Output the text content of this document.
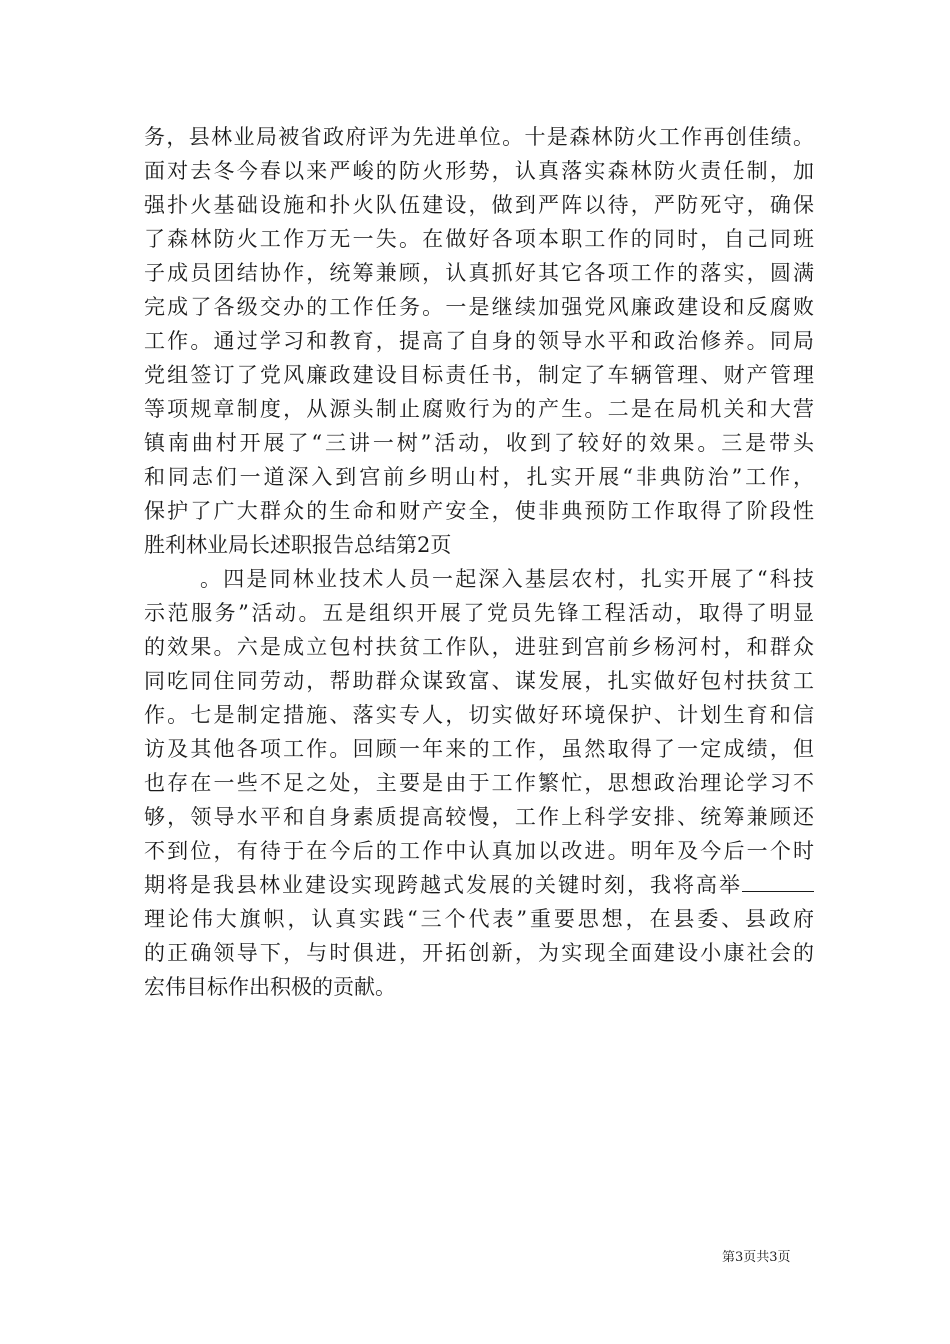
务，县林业局被省政府评为先进单位。十是森林防火工作再创佳绩。

面对去冬今春以来严峻的防火形势，认真落实森林防火责任制，加

强扑火基础设施和扑火队伍建设，做到严阵以待，严防死守，确保

了森林防火工作万无一失。在做好各项本职工作的同时，自己同班

子成员团结协作，统筹兼顾，认真抓好其它各项工作的落实，圆满

完成了各级交办的工作任务。一是继续加强党风廉政建设和反腐败

工作。通过学习和教育，提高了自身的领导水平和政治修养。同局

党组签订了党风廉政建设目标责任书，制定了车辆管理、财产管理

等项规章制度，从源头制止腐败行为的产生。二是在局机关和大营

镇南曲村开展了“三讲一树”活动，收到了较好的效果。三是带头

和同志们一道深入到宫前乡明山村，扎实开展“非典防治”工作，

保护了广大群众的生命和财产安全，使非典预防工作取得了阶段性

胜利林业局长述职报告总结第2页

。四是同林业技术人员一起深入基层农村，扎实开展了“科技

示范服务”活动。五是组织开展了党员先锋工程活动，取得了明显

的效果。六是成立包村扶贫工作队，进驻到宫前乡杨河村，和群众

同吃同住同劳动，帮助群众谋致富、谋发展，扎实做好包村扶贫工

作。七是制定措施、落实专人，切实做好环境保护、计划生育和信

访及其他各项工作。回顾一年来的工作，虽然取得了一定成绩，但

也存在一些不足之处，主要是由于工作繁忙，思想政治理论学习不

够，领导水平和自身素质提高较慢，工作上科学安排、统筹兼顾还

不到位，有待于在今后的工作中认真加以改进。明年及今后一个时

期将是我县林业建设实现跨越式发展的关键时刻，我将高举

理论伟大旗帜，认真实践“三个代表”重要思想，在县委、县政府

的正确领导下，与时俱进，开拓创新，为实现全面建设小康社会的

宏伟目标作出积极的贡献。

第3页共3页
